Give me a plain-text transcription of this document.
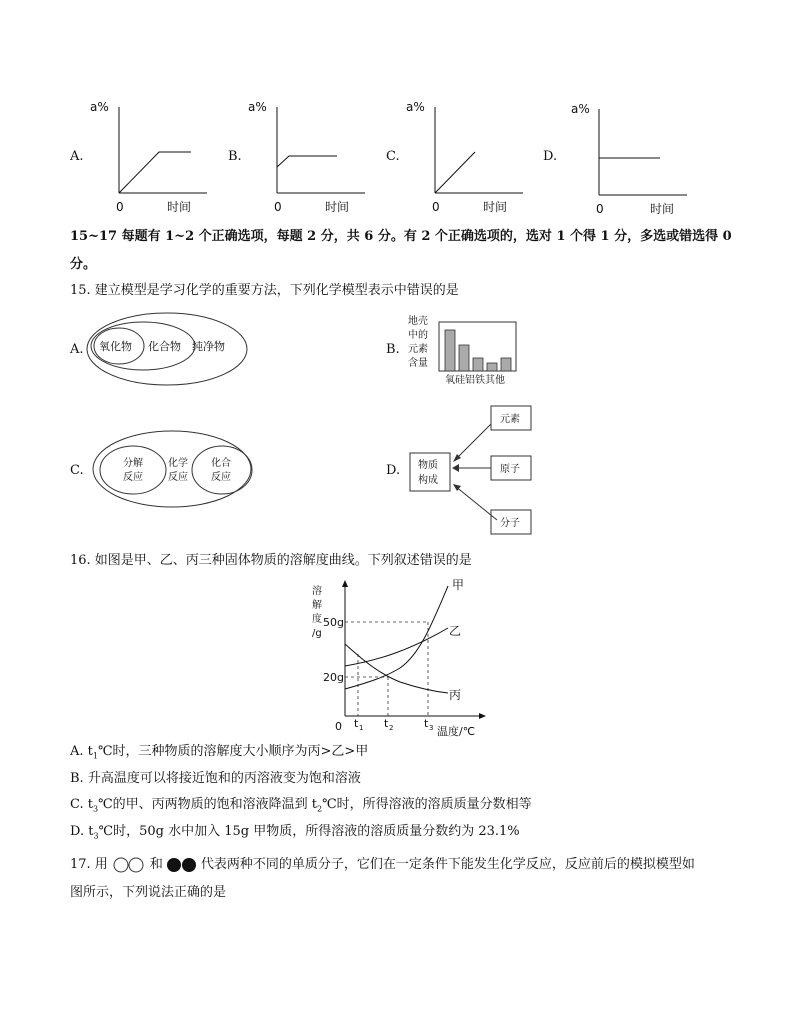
A.
a%
0	时间
B.
a%
0	时间
C.
a%
0	时间
D.
a%
0	时间
15~17 每题有 1~2 个正确选项，每题 2 分，共 6 分。有 2 个正确选项的，选对 1 个得 1 分，多选或错选得 0
分。
15. 建立模型是学习化学的重要方法，下列化学模型表示中错误的是
A. 氧化物 化合物 纯净物	B.
地壳
中的
元素
含量
氧硅铝铁其他
C.	分解
反应
化学
反应
化合
反应	D. 物质
构成
元素
原子
分子
16. 如图是甲、乙、丙三种固体物质的溶解度曲线。下列叙述错误的是
溶
解
度
/g
50g
20g
0 t 1 t 2	t 3 温度/℃
甲
乙
丙
A. $t_1℃$时，三种物质的溶解度大小顺序为丙>乙>甲
B. 升高温度可以将接近饱和的丙溶液变为饱和溶液
C. $t_3℃$的甲、丙两物质的饱和溶液降温到 $t_2℃$时，所得溶液的溶质质量分数相等
D. $t_3℃$时，50g 水中加入 15g 甲物质，所得溶液的溶质质量分数约为 23.1%
17. 用	和	代表两种不同的单质分子，它们在一定条件下能发生化学反应，反应前后的模拟模型如
图所示，下列说法正确的是
